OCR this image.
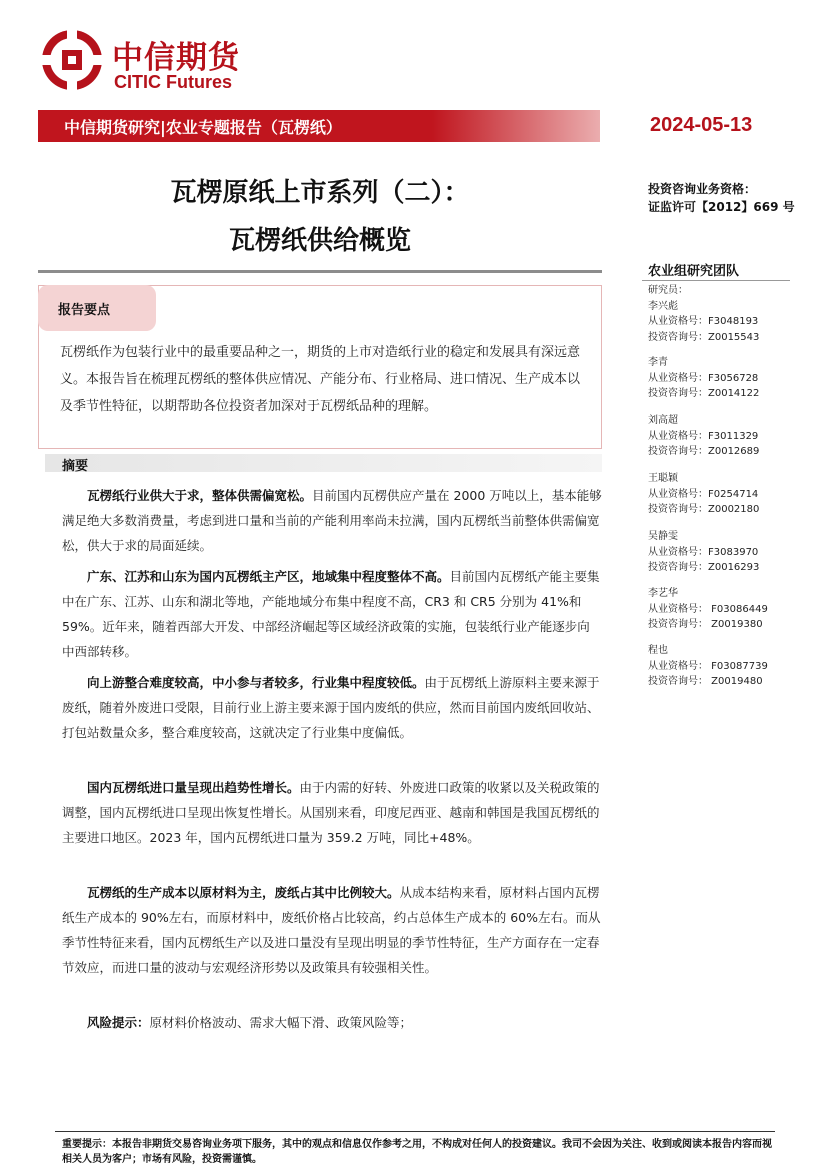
中信期货
CITIC Futures
中信期货研究|农业专题报告（瓦楞纸）	2024-05-13
瓦楞原纸上市系列（二）：
瓦楞纸供给概览
投资咨询业务资格：
证监许可【2012】669 号
农业组研究团队
研究员：
李兴彪
从业资格号：F3048193
投资咨询号：Z0015543
李青
从业资格号：F3056728
投资咨询号：Z0014122
刘高超
从业资格号：F3011329
投资咨询号：Z0012689
王聪颖
从业资格号：F0254714
投资咨询号：Z0002180
吴静雯
从业资格号：F3083970
投资咨询号：Z0016293
李艺华
从业资格号： F03086449
投资咨询号： Z0019380
程也
从业资格号： F03087739
投资咨询号： Z0019480
报告要点
瓦楞纸作为包装行业中的最重要品种之一，期货的上市对造纸行业的稳定和发展具有深远意义。本报告旨在梳理瓦楞纸的整体供应情况、产能分布、行业格局、进口情况、生产成本以及季节性特征，以期帮助各位投资者加深对于瓦楞纸品种的理解。
摘要
瓦楞纸行业供大于求，整体供需偏宽松。目前国内瓦楞供应产量在 2000 万吨以上，基本能够满足绝大多数消费量，考虑到进口量和当前的产能利用率尚未拉满，国内瓦楞纸当前整体供需偏宽松，供大于求的局面延续。
广东、江苏和山东为国内瓦楞纸主产区，地域集中程度整体不高。目前国内瓦楞纸产能主要集中在广东、江苏、山东和湖北等地，产能地域分布集中程度不高，CR3 和 CR5 分别为 41%和 59%。近年来，随着西部大开发、中部经济崛起等区域经济政策的实施，包装纸行业产能逐步向中西部转移。
向上游整合难度较高，中小参与者较多，行业集中程度较低。由于瓦楞纸上游原料主要来源于废纸，随着外废进口受限，目前行业上游主要来源于国内废纸的供应，然而目前国内废纸回收站、打包站数量众多，整合难度较高，这就决定了行业集中度偏低。
国内瓦楞纸进口量呈现出趋势性增长。由于内需的好转、外废进口政策的收紧以及关税政策的调整，国内瓦楞纸进口呈现出恢复性增长。从国别来看，印度尼西亚、越南和韩国是我国瓦楞纸的主要进口地区。2023 年，国内瓦楞纸进口量为 359.2 万吨，同比+48%。
瓦楞纸的生产成本以原材料为主，废纸占其中比例较大。从成本结构来看，原材料占国内瓦楞纸生产成本的 90%左右，而原材料中，废纸价格占比较高，约占总体生产成本的 60%左右。而从季节性特征来看，国内瓦楞纸生产以及进口量没有呈现出明显的季节性特征，生产方面存在一定春节效应，而进口量的波动与宏观经济形势以及政策具有较强相关性。
风险提示：原材料价格波动、需求大幅下滑、政策风险等；
重要提示：本报告非期货交易咨询业务项下服务，其中的观点和信息仅作参考之用，不构成对任何人的投资建议。我司不会因为关注、收到或阅读本报告内容而视相关人员为客户；市场有风险，投资需谨慎。
